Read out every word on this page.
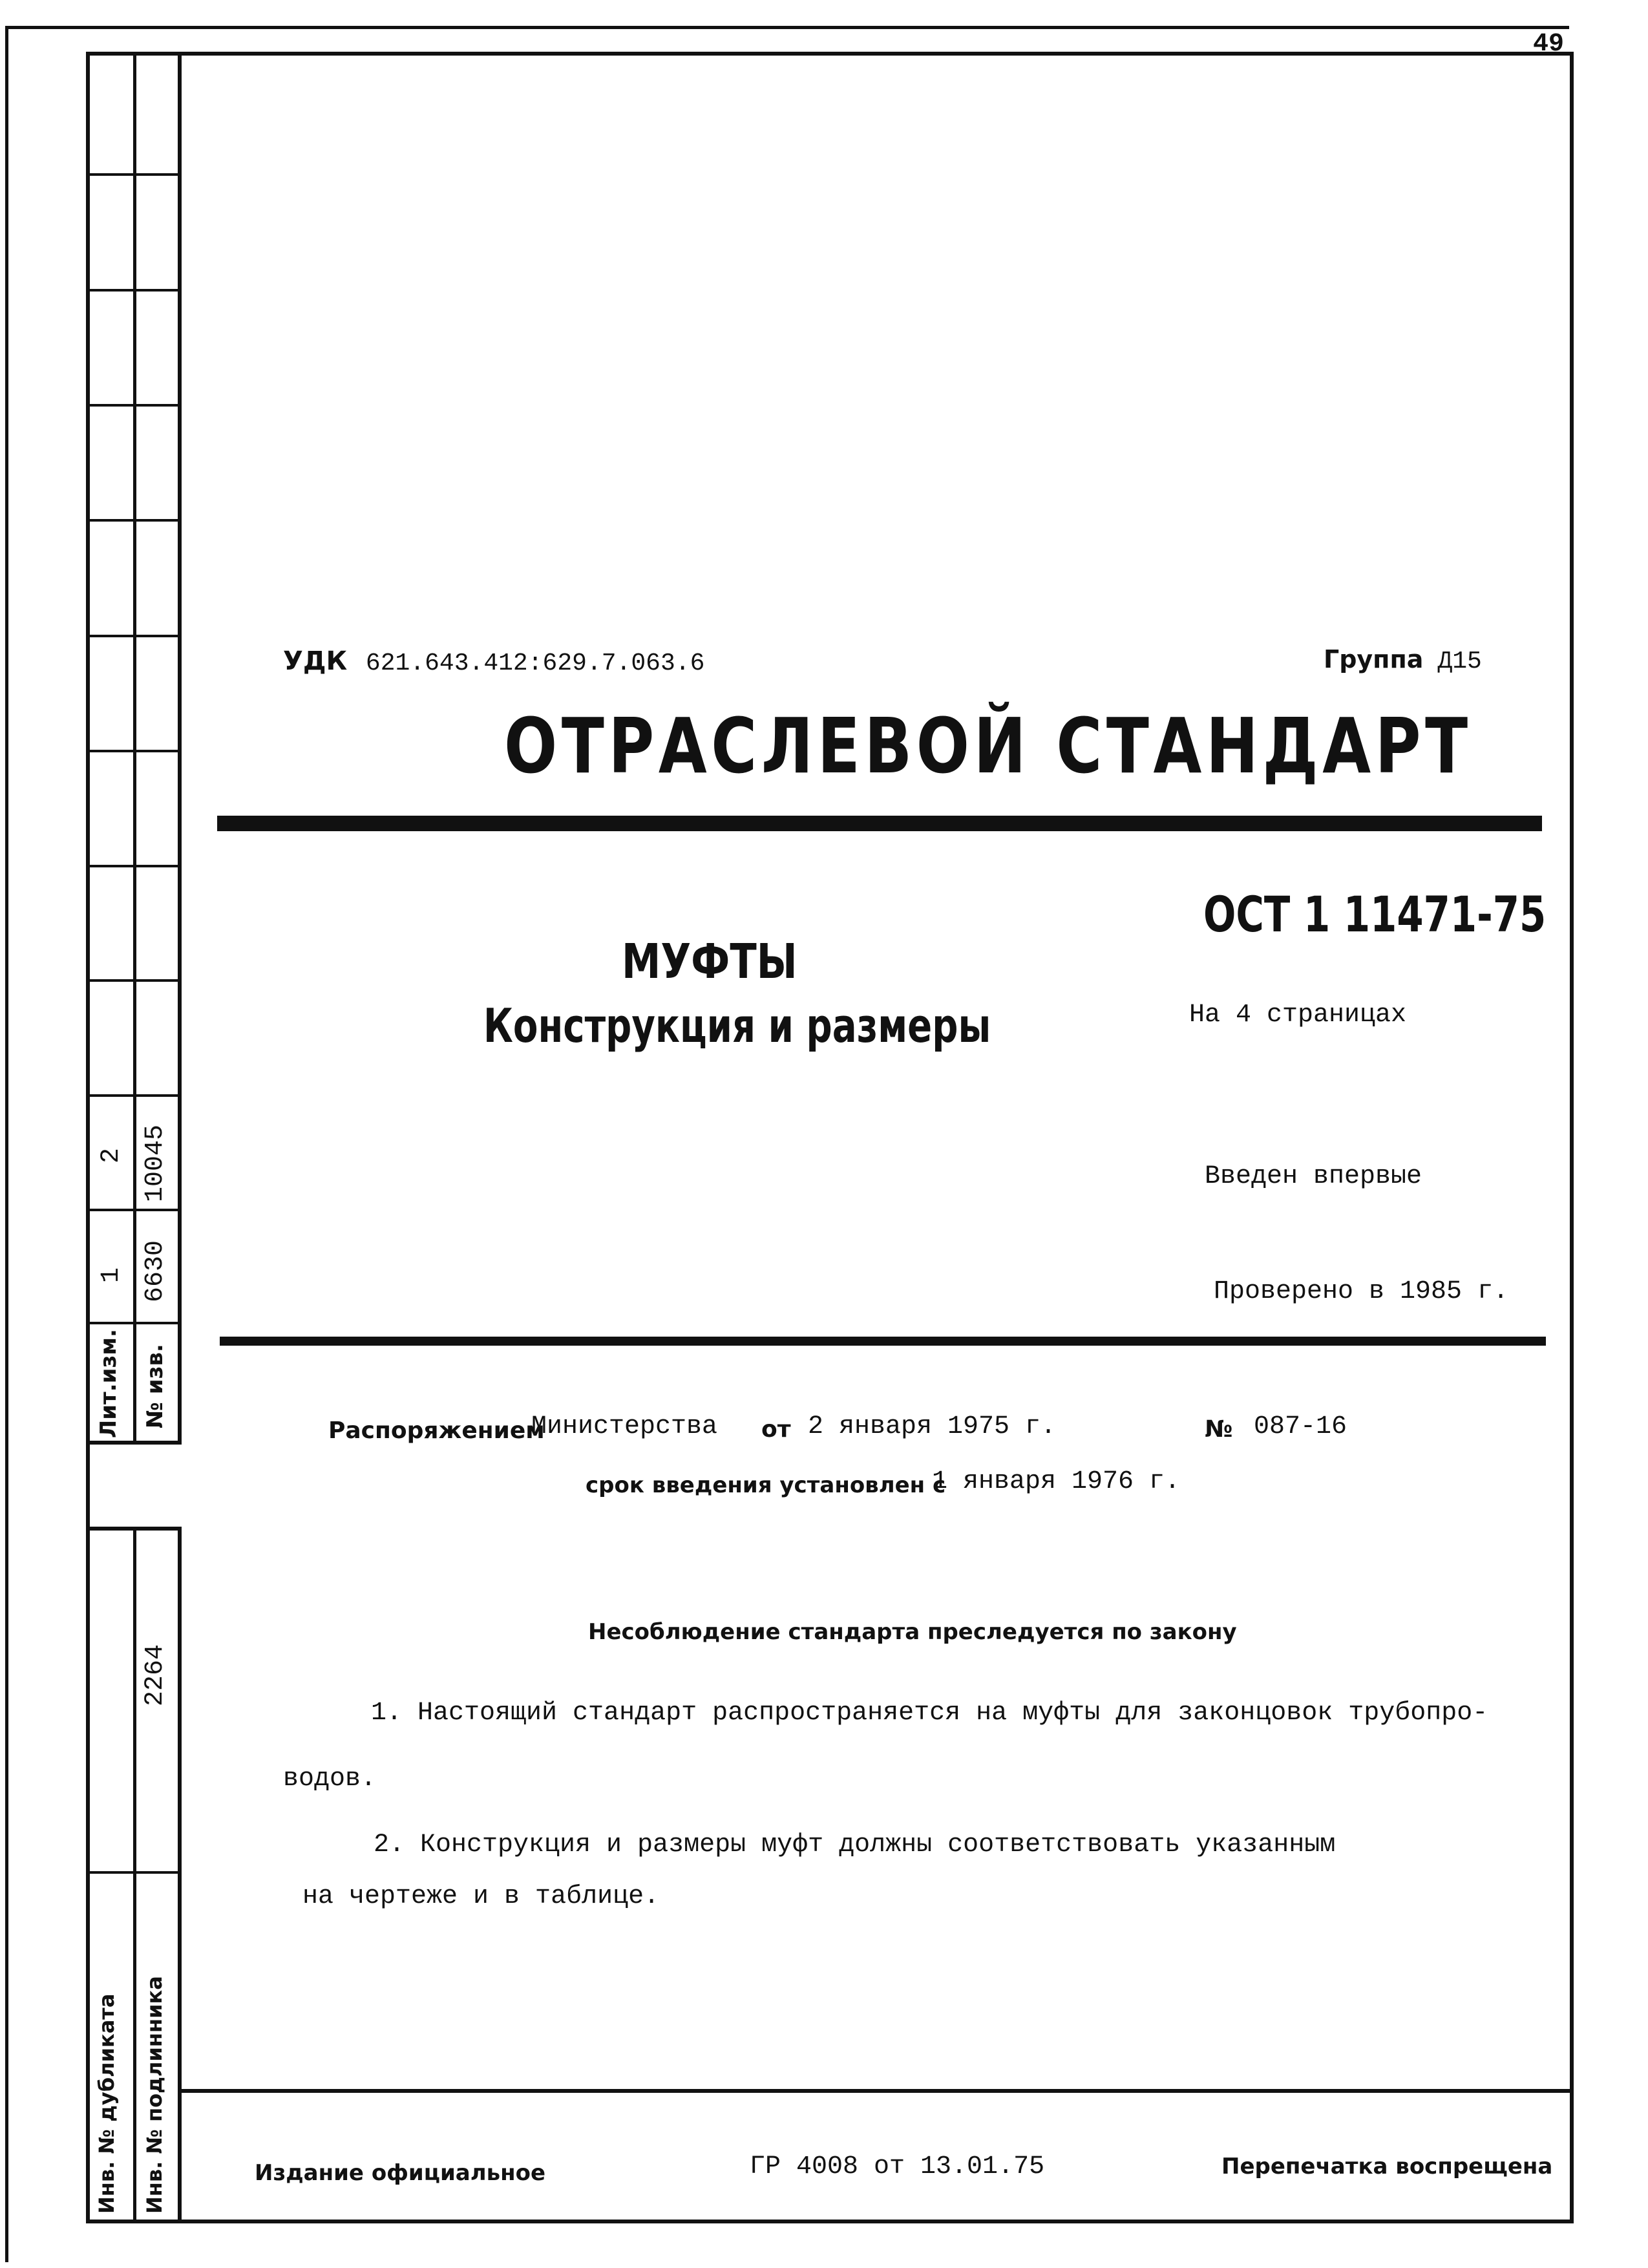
49
Лит.изм. № изв.
1 6630
2 10045
2264
Инв. № дубликата Инв. № подлинника
УДК 621.643.412:629.7.063.6	Группа Д15
ОТРАСЛЕВОЙ СТАНДАРТ
ОСТ 1 11471-75
МУФТЫ
Конструкция и размеры	На 4 страницах
Введен впервые
Проверено в 1985 г.
Распоряжением
Министерства от 2 января 1975 г.	№ 087-16
срок введения установлен с
1 января 1976 г.
Несоблюдение стандарта преследуется по закону
1. Настоящий стандарт распространяется на муфты для законцовок трубопро-
водов.
2. Конструкция и размеры муфт должны соответствовать указанным
на чертеже и в таблице.
Издание официальное	ГР 4008 от 13.01.75	Перепечатка воспрещена
